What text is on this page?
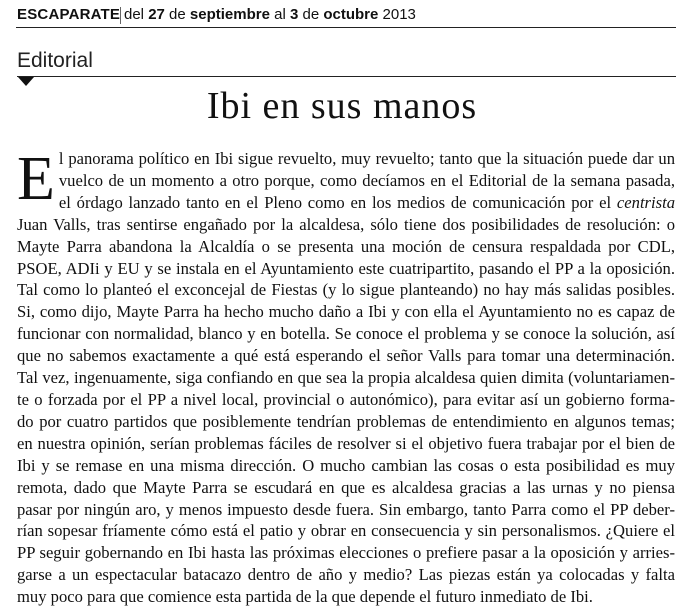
ESCAPARATE del 27 de septiembre al 3 de octubre 2013
Editorial
Ibi en sus manos
E l panorama político en Ibi sigue revuelto, muy revuelto; tanto que la situación puede dar un
vuelco de un momento a otro porque, como decíamos en el Editorial de la semana pasada,
el órdago lanzado tanto en el Pleno como en los medios de comunicación por el centrista
Juan Valls, tras sentirse engañado por la alcaldesa, sólo tiene dos posibilidades de resolución: o
Mayte Parra abandona la Alcaldía o se presenta una moción de censura respaldada por CDL,
PSOE, ADIi y EU y se instala en el Ayuntamiento este cuatripartito, pasando el PP a la oposición.
Tal como lo planteó el exconcejal de Fiestas (y lo sigue planteando) no hay más salidas posibles.
Si, como dijo, Mayte Parra ha hecho mucho daño a Ibi y con ella el Ayuntamiento no es capaz de
funcionar con normalidad, blanco y en botella. Se conoce el problema y se conoce la solución, así
que no sabemos exactamente a qué está esperando el señor Valls para tomar una determinación.
Tal vez, ingenuamente, siga confiando en que sea la propia alcaldesa quien dimita (voluntariamen-
te o forzada por el PP a nivel local, provincial o autonómico), para evitar así un gobierno forma-
do por cuatro partidos que posiblemente tendrían problemas de entendimiento en algunos temas;
en nuestra opinión, serían problemas fáciles de resolver si el objetivo fuera trabajar por el bien de
Ibi y se remase en una misma dirección. O mucho cambian las cosas o esta posibilidad es muy
remota, dado que Mayte Parra se escudará en que es alcaldesa gracias a las urnas y no piensa
pasar por ningún aro, y menos impuesto desde fuera. Sin embargo, tanto Parra como el PP deber-
rían sopesar fríamente cómo está el patio y obrar en consecuencia y sin personalismos. ¿Quiere el
PP seguir gobernando en Ibi hasta las próximas elecciones o prefiere pasar a la oposición y arries-
garse a un espectacular batacazo dentro de año y medio? Las piezas están ya colocadas y falta
muy poco para que comience esta partida de la que depende el futuro inmediato de Ibi.
